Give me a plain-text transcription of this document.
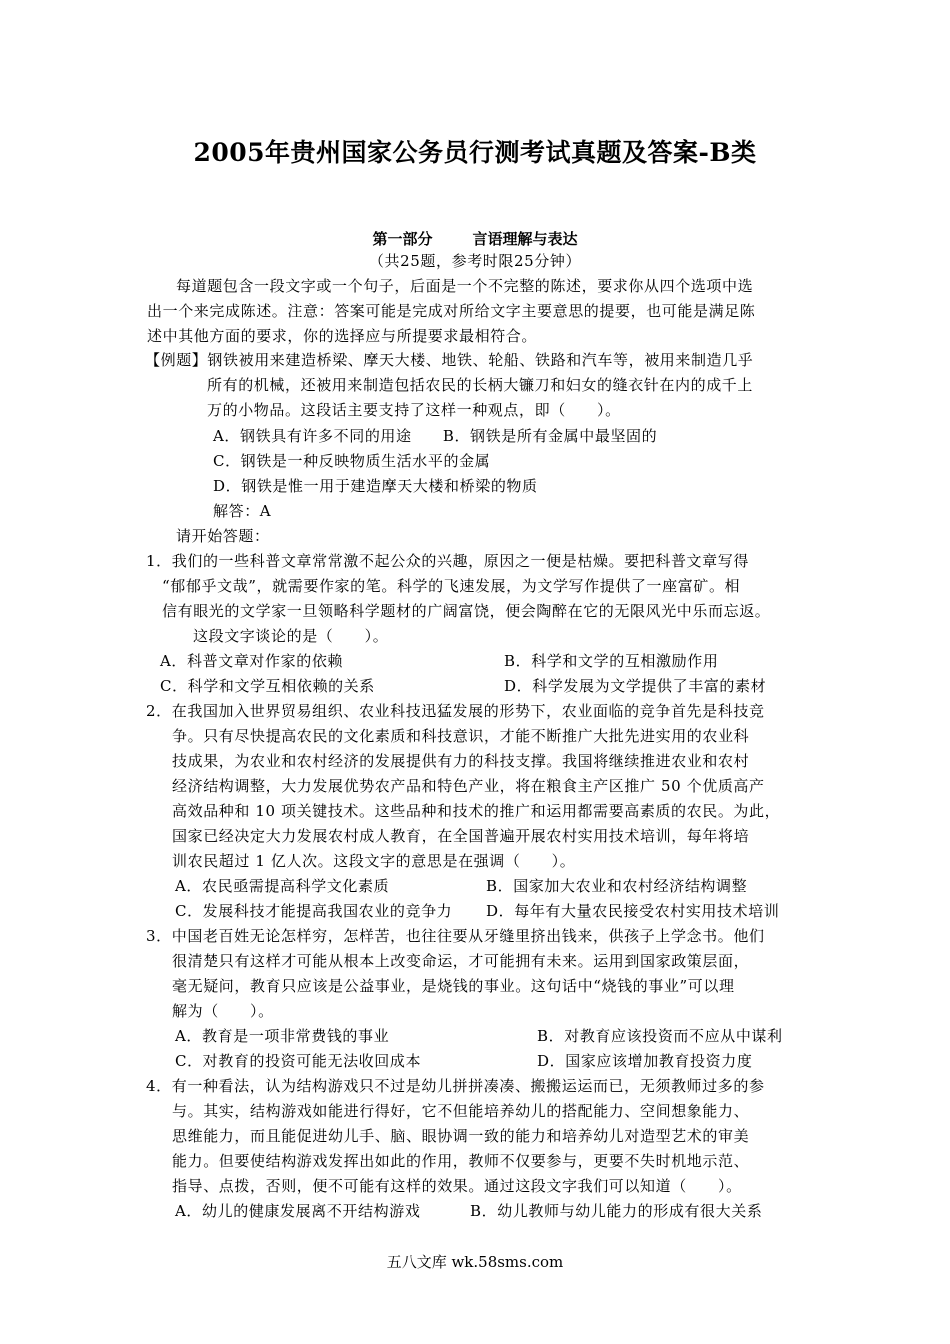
2005年贵州国家公务员行测考试真题及答案-B类
第一部分	言语理解与表达
（共25题，参考时限25分钟）
每道题包含一段文字或一个句子，后面是一个不完整的陈述，要求你从四个选项中选
出一个来完成陈述。注意：答案可能是完成对所给文字主要意思的提要，也可能是满足陈
述中其他方面的要求，你的选择应与所提要求最相符合。
【例题】钢铁被用来建造桥梁、摩天大楼、地铁、轮船、铁路和汽车等，被用来制造几乎
所有的机械，还被用来制造包括农民的长柄大镰刀和妇女的缝衣针在内的成千上
万的小物品。这段话主要支持了这样一种观点，即（　　）。
A．钢铁具有许多不同的用途　　B．钢铁是所有金属中最坚固的
C．钢铁是一种反映物质生活水平的金属
D．钢铁是惟一用于建造摩天大楼和桥梁的物质
解答：A
请开始答题：
1．我们的一些科普文章常常激不起公众的兴趣，原因之一便是枯燥。要把科普文章写得
“郁郁乎文哉”，就需要作家的笔。科学的飞速发展，为文学写作提供了一座富矿。相
信有眼光的文学家一旦领略科学题材的广阔富饶，便会陶醉在它的无限风光中乐而忘返。
这段文字谈论的是（　　）。
A．科普文章对作家的依赖	B．科学和文学的互相激励作用
C．科学和文学互相依赖的关系	D．科学发展为文学提供了丰富的素材
2．在我国加入世界贸易组织、农业科技迅猛发展的形势下，农业面临的竞争首先是科技竞
争。只有尽快提高农民的文化素质和科技意识，才能不断推广大批先进实用的农业科
技成果，为农业和农村经济的发展提供有力的科技支撑。我国将继续推进农业和农村
经济结构调整，大力发展优势农产品和特色产业，将在粮食主产区推广 50 个优质高产
高效品种和 10 项关键技术。这些品种和技术的推广和运用都需要高素质的农民。为此，
国家已经决定大力发展农村成人教育，在全国普遍开展农村实用技术培训，每年将培
训农民超过 1 亿人次。这段文字的意思是在强调（　　）。
A．农民亟需提高科学文化素质	B．国家加大农业和农村经济结构调整
C．发展科技才能提高我国农业的竞争力 D．每年有大量农民接受农村实用技术培训
3．中国老百姓无论怎样穷，怎样苦，也往往要从牙缝里挤出钱来，供孩子上学念书。他们
很清楚只有这样才可能从根本上改变命运，才可能拥有未来。运用到国家政策层面，
毫无疑问，教育只应该是公益事业，是烧钱的事业。这句话中“烧钱的事业”可以理
解为（　　）。
A．教育是一项非常费钱的事业	B．对教育应该投资而不应从中谋利
C．对教育的投资可能无法收回成本	D．国家应该增加教育投资力度
4．有一种看法，认为结构游戏只不过是幼儿拼拼凑凑、搬搬运运而已，无须教师过多的参
与。其实，结构游戏如能进行得好，它不但能培养幼儿的搭配能力、空间想象能力、
思维能力，而且能促进幼儿手、脑、眼协调一致的能力和培养幼儿对造型艺术的审美
能力。但要使结构游戏发挥出如此的作用，教师不仅要参与，更要不失时机地示范、
指导、点拨，否则，便不可能有这样的效果。通过这段文字我们可以知道（　　）。
A．幼儿的健康发展离不开结构游戏	B．幼儿教师与幼儿能力的形成有很大关系
五八文库 wk.58sms.com
